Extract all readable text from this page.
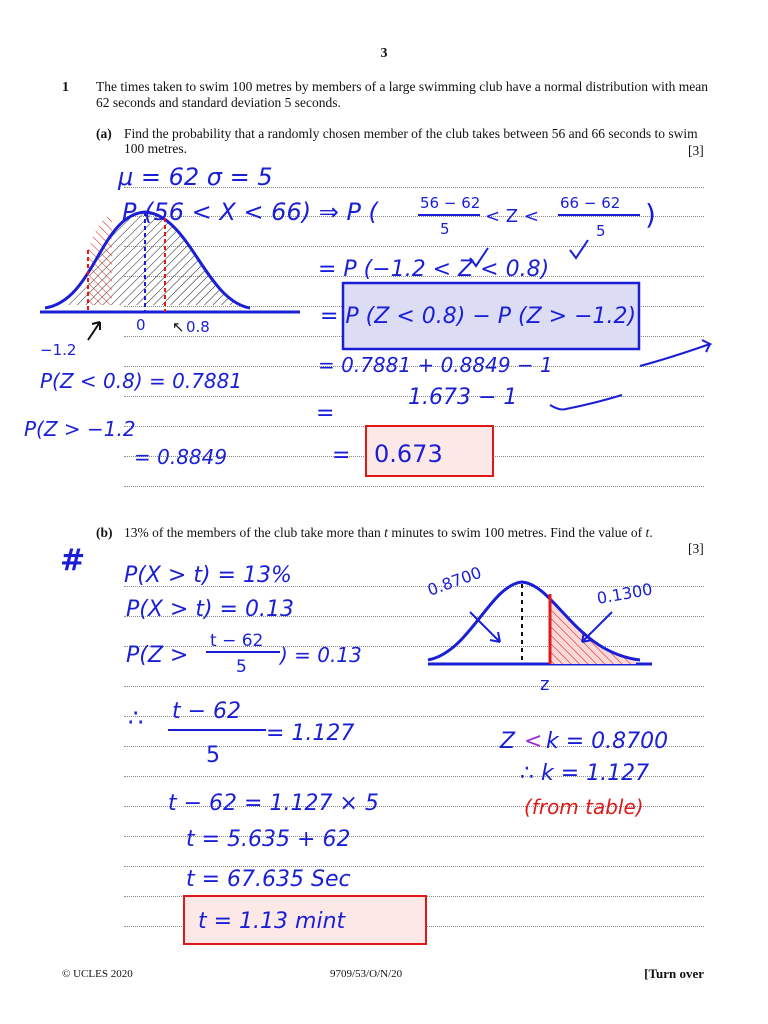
3
1 The times taken to swim 100 metres by members of a large swimming club have a normal distribution with mean 62 seconds and standard deviation 5 seconds.
(a) Find the probability that a randomly chosen member of the club takes between 56 and 66 seconds to swim 100 metres.	[3]
(b) 13% of the members of the club take more than t minutes to swim 100 metres. Find the value of t.
[3]
μ = 62 σ = 5
P (56 < X < 66) ⇒ P (	56 − 62
5
< Z <
66 − 62
5 )
= P (−1.2 < Z < 0.8)
= P (Z < 0.8) − P (Z > −1.2)
= 0.7881 + 0.8849 − 1
1.673 − 1
=
= 0.673
−1.2
0 ↖ 0.8
P(Z < 0.8) = 0.7881
P(Z > −1.2
= 0.8849
# P(X > t) = 13%
P(X > t) = 0.13
P(Z >
t − 62
5 ) = 0.13
∴ t − 62
5
= 1.127
t − 62 = 1.127 × 5
t = 5.635 + 62
t = 67.635 Sec
t = 1.13 mint
0.8700	0.1300
z
Z < k = 0.8700
∴ k = 1.127
(from table)
© UCLES 2020	9709/53/O/N/20	[Turn over
